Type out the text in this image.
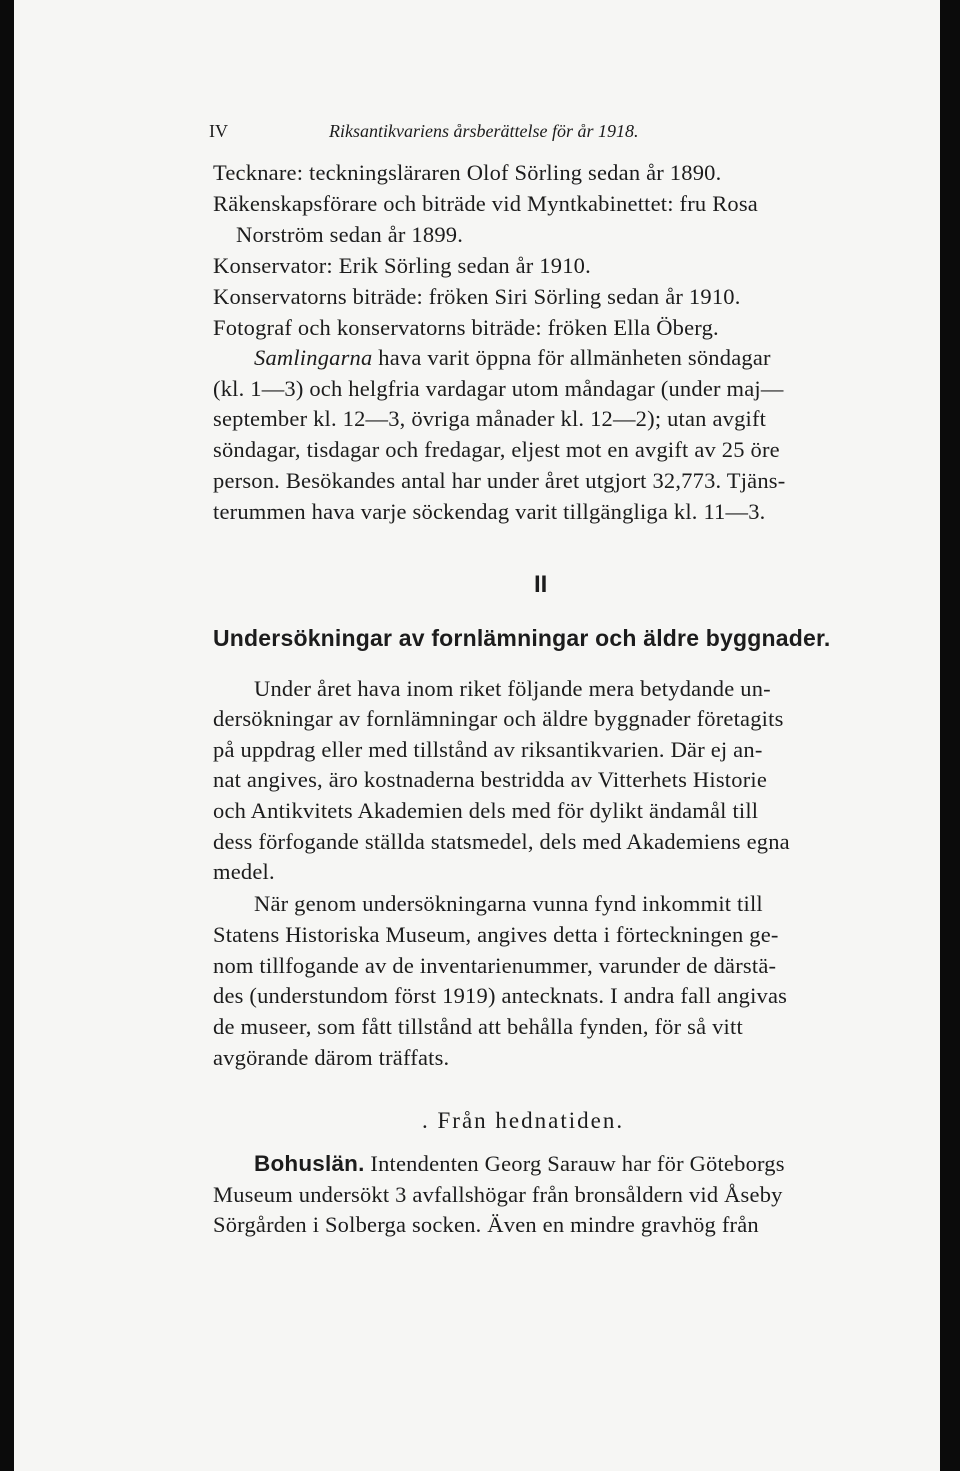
IV	Riksantikvariens årsberättelse för år 1918.
Tecknare: teckningsläraren Olof Sörling sedan år 1890.
Räkenskapsförare och biträde vid Myntkabinettet: fru Rosa
Norström sedan år 1899.
Konservator: Erik Sörling sedan år 1910.
Konservatorns biträde: fröken Siri Sörling sedan år 1910.
Fotograf och konservatorns biträde: fröken Ella Öberg.
Samlingarna hava varit öppna för allmänheten söndagar
(kl. 1—3) och helgfria vardagar utom måndagar (under maj—
september kl. 12—3, övriga månader kl. 12—2); utan avgift
söndagar, tisdagar och fredagar, eljest mot en avgift av 25 öre
person. Besökandes antal har under året utgjort 32,773. Tjäns-
terummen hava varje söckendag varit tillgängliga kl. 11—3.
II
Undersökningar av fornlämningar och äldre byggnader.
Under året hava inom riket följande mera betydande un-
dersökningar av fornlämningar och äldre byggnader företagits
på uppdrag eller med tillstånd av riksantikvarien. Där ej an-
nat angives, äro kostnaderna bestridda av Vitterhets Historie
och Antikvitets Akademien dels med för dylikt ändamål till
dess förfogande ställda statsmedel, dels med Akademiens egna
medel.
När genom undersökningarna vunna fynd inkommit till
Statens Historiska Museum, angives detta i förteckningen ge-
nom tillfogande av de inventarienummer, varunder de därstä-
des (understundom först 1919) antecknats. I andra fall angivas
de museer, som fått tillstånd att behålla fynden, för så vitt
avgörande därom träffats.
. Från hednatiden.
Bohuslän. Intendenten Georg Sarauw har för Göteborgs
Museum undersökt 3 avfallshögar från bronsåldern vid Åseby
Sörgården i Solberga socken. Även en mindre gravhög från
